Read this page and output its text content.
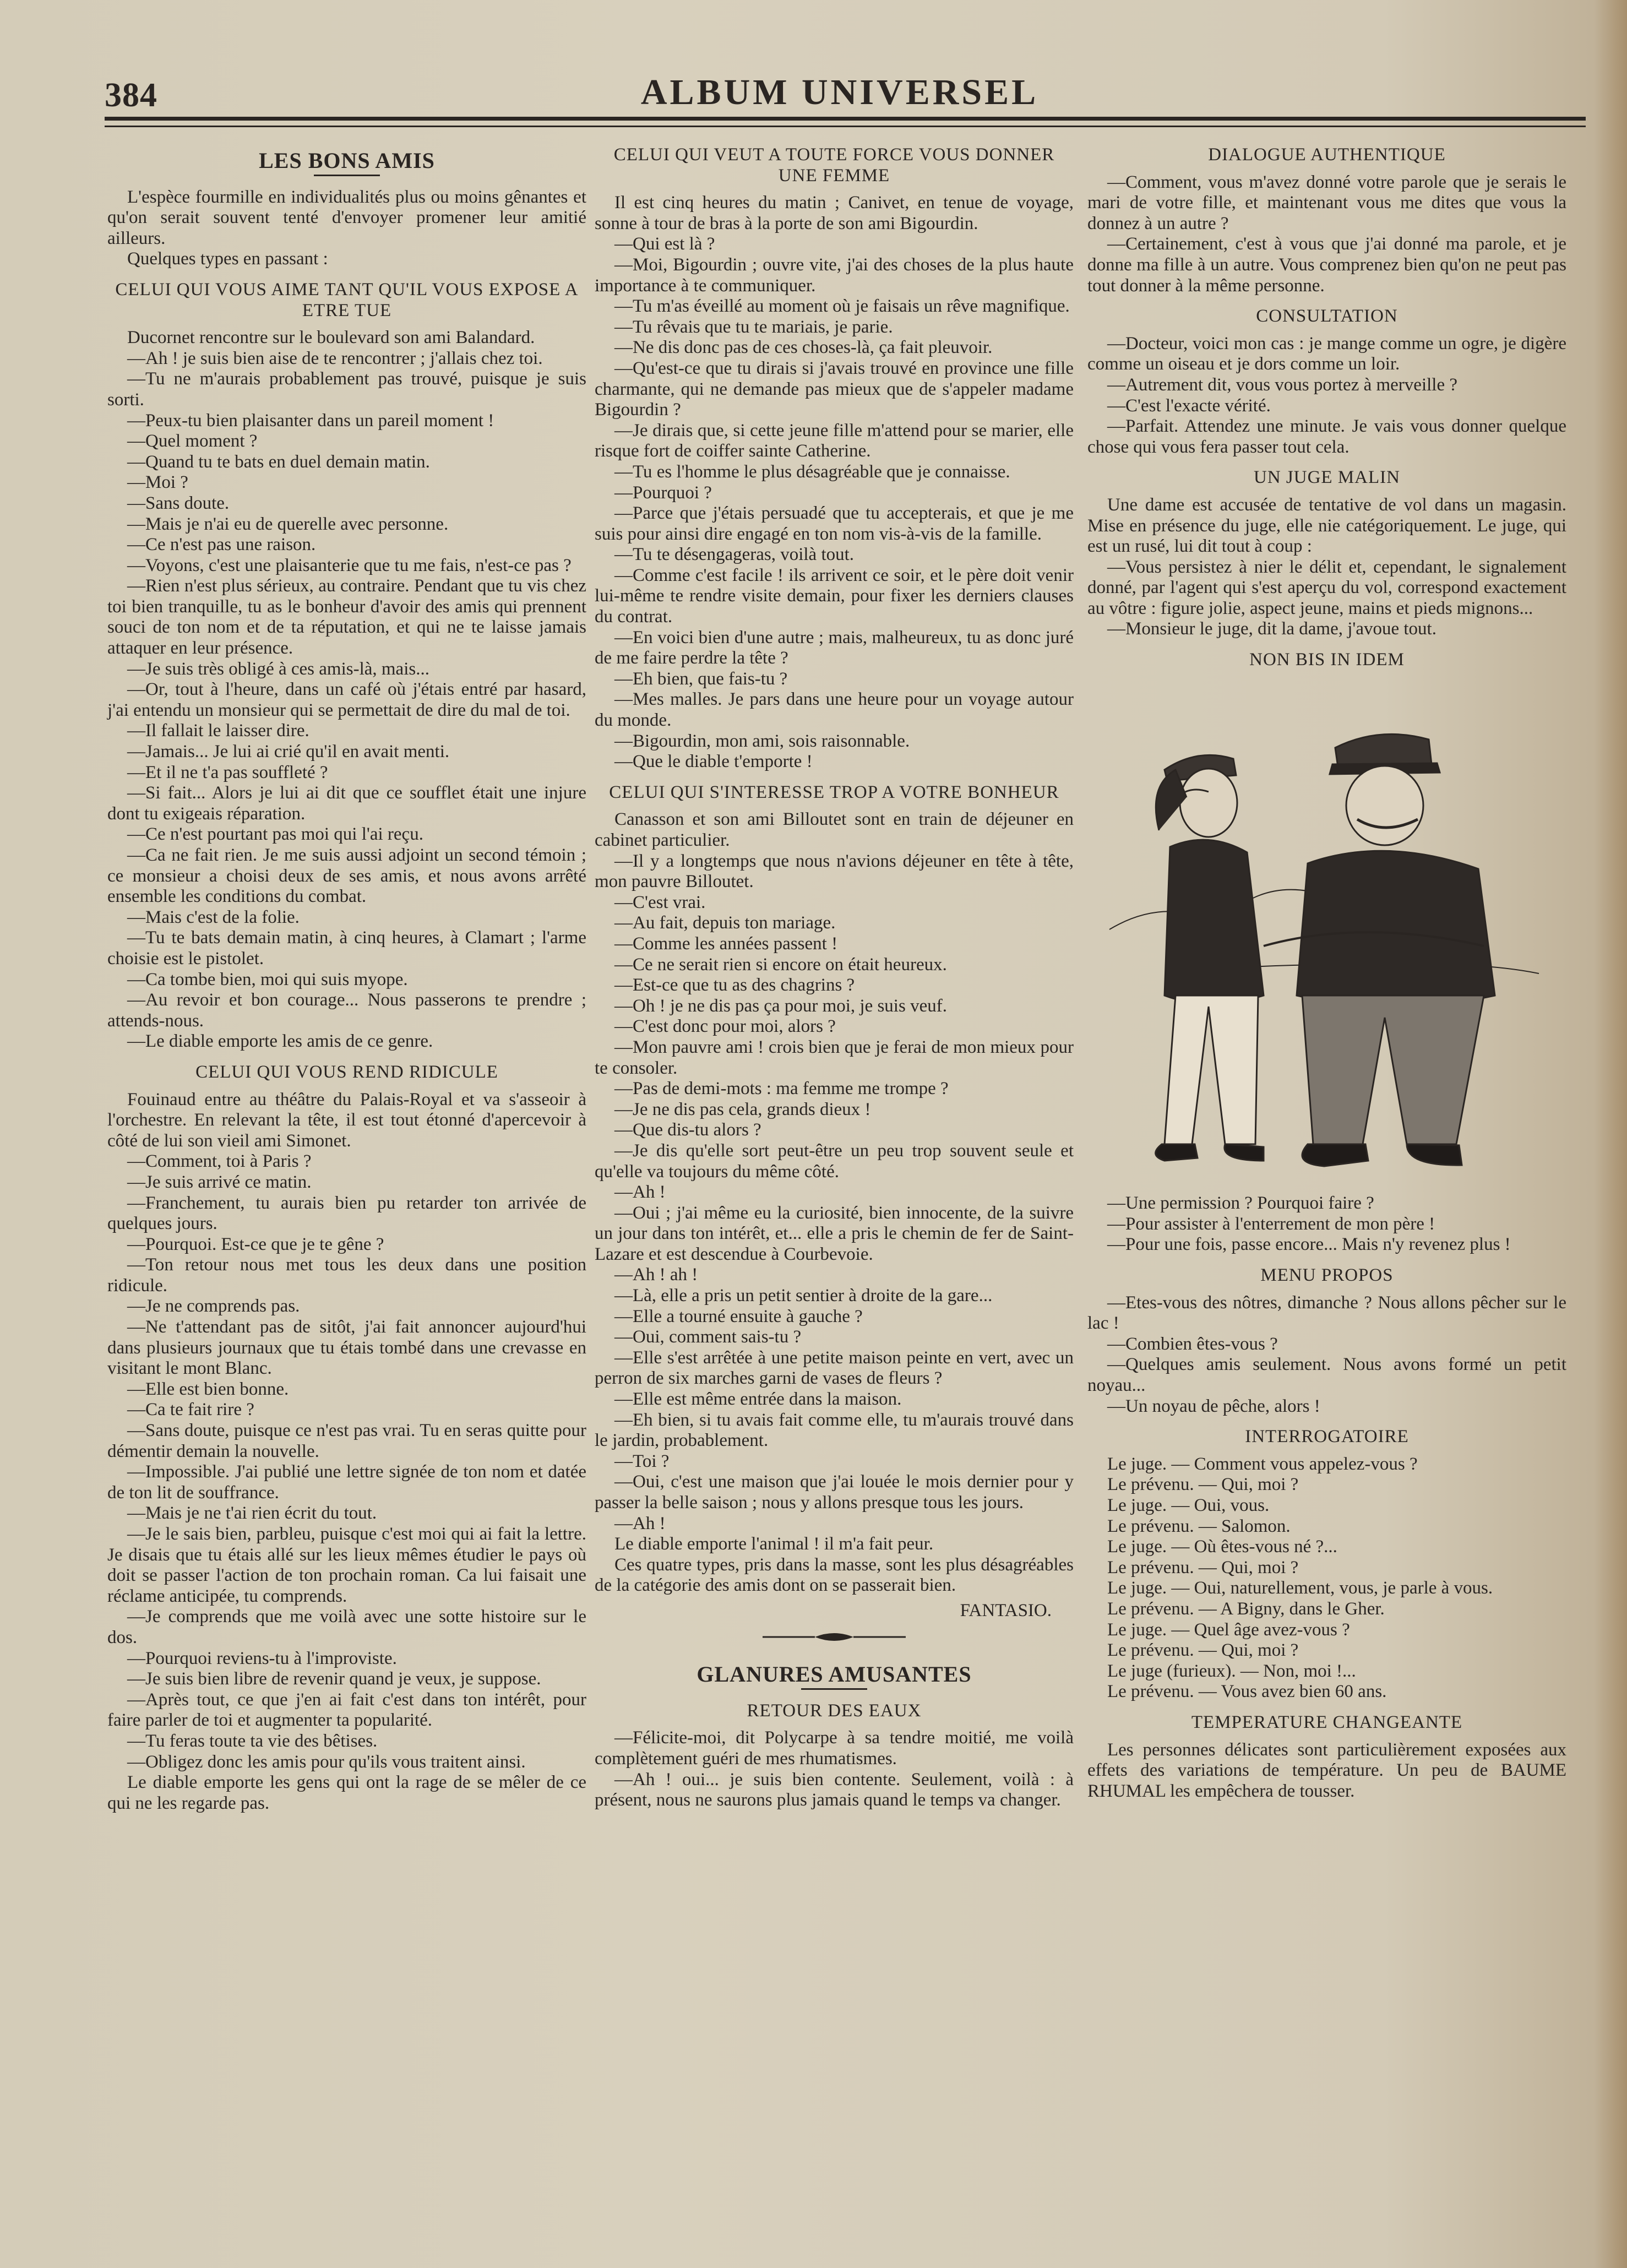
384	ALBUM UNIVERSEL
LES BONS AMIS

L'espèce fourmille en individualités plus ou moins gênantes et qu'on serait souvent tenté d'envoyer promener leur amitié ailleurs.

Quelques types en passant :

CELUI QUI VOUS AIME TANT QU'IL VOUS EXPOSE A ETRE TUE

Ducornet rencontre sur le boulevard son ami Balandard.

—Ah ! je suis bien aise de te rencontrer ; j'allais chez toi.

—Tu ne m'aurais probablement pas trouvé, puisque je suis sorti.

—Peux-tu bien plaisanter dans un pareil moment !

—Quel moment ?

—Quand tu te bats en duel demain matin.

—Moi ?

—Sans doute.

—Mais je n'ai eu de querelle avec personne.

—Ce n'est pas une raison.

—Voyons, c'est une plaisanterie que tu me fais, n'est-ce pas ?

—Rien n'est plus sérieux, au contraire. Pendant que tu vis chez toi bien tranquille, tu as le bonheur d'avoir des amis qui prennent souci de ton nom et de ta réputation, et qui ne te laisse jamais attaquer en leur présence.

—Je suis très obligé à ces amis-là, mais...

—Or, tout à l'heure, dans un café où j'étais entré par hasard, j'ai entendu un monsieur qui se permettait de dire du mal de toi.

—Il fallait le laisser dire.

—Jamais... Je lui ai crié qu'il en avait menti.

—Et il ne t'a pas souffleté ?

—Si fait... Alors je lui ai dit que ce soufflet était une injure dont tu exigeais réparation.

—Ce n'est pourtant pas moi qui l'ai reçu.

—Ca ne fait rien. Je me suis aussi adjoint un second témoin ; ce monsieur a choisi deux de ses amis, et nous avons arrêté ensemble les conditions du combat.

—Mais c'est de la folie.

—Tu te bats demain matin, à cinq heures, à Clamart ; l'arme choisie est le pistolet.

—Ca tombe bien, moi qui suis myope.

—Au revoir et bon courage... Nous passerons te prendre ; attends-nous.

—Le diable emporte les amis de ce genre.

CELUI QUI VOUS REND RIDICULE

Fouinaud entre au théâtre du Palais-Royal et va s'asseoir à l'orchestre. En relevant la tête, il est tout étonné d'apercevoir à côté de lui son vieil ami Simonet.

—Comment, toi à Paris ?

—Je suis arrivé ce matin.

—Franchement, tu aurais bien pu retarder ton arrivée de quelques jours.

—Pourquoi. Est-ce que je te gêne ?

—Ton retour nous met tous les deux dans une position ridicule.

—Je ne comprends pas.

—Ne t'attendant pas de sitôt, j'ai fait annoncer aujourd'hui dans plusieurs journaux que tu étais tombé dans une crevasse en visitant le mont Blanc.

—Elle est bien bonne.

—Ca te fait rire ?

—Sans doute, puisque ce n'est pas vrai. Tu en seras quitte pour démentir demain la nouvelle.

—Impossible. J'ai publié une lettre signée de ton nom et datée de ton lit de souffrance.

—Mais je ne t'ai rien écrit du tout.

—Je le sais bien, parbleu, puisque c'est moi qui ai fait la lettre. Je disais que tu étais allé sur les lieux mêmes étudier le pays où doit se passer l'action de ton prochain roman. Ca lui faisait une réclame anticipée, tu comprends.

—Je comprends que me voilà avec une sotte histoire sur le dos.

—Pourquoi reviens-tu à l'improviste.

—Je suis bien libre de revenir quand je veux, je suppose.

—Après tout, ce que j'en ai fait c'est dans ton intérêt, pour faire parler de toi et augmenter ta popularité.

—Tu feras toute ta vie des bêtises.

—Obligez donc les amis pour qu'ils vous traitent ainsi.

Le diable emporte les gens qui ont la rage de se mêler de ce qui ne les regarde pas.

CELUI QUI VEUT A TOUTE FORCE VOUS DONNER UNE FEMME

Il est cinq heures du matin ; Canivet, en tenue de voyage, sonne à tour de bras à la porte de son ami Bigourdin.

—Qui est là ?

—Moi, Bigourdin ; ouvre vite, j'ai des choses de la plus haute importance à te communiquer.

—Tu m'as éveillé au moment où je faisais un rêve magnifique.

—Tu rêvais que tu te mariais, je parie.

—Ne dis donc pas de ces choses-là, ça fait pleuvoir.

—Qu'est-ce que tu dirais si j'avais trouvé en province une fille charmante, qui ne demande pas mieux que de s'appeler madame Bigourdin ?

—Je dirais que, si cette jeune fille m'attend pour se marier, elle risque fort de coiffer sainte Catherine.

—Tu es l'homme le plus désagréable que je connaisse.

—Pourquoi ?

—Parce que j'étais persuadé que tu accepterais, et que je me suis pour ainsi dire engagé en ton nom vis-à-vis de la famille.

—Tu te désengageras, voilà tout.

—Comme c'est facile ! ils arrivent ce soir, et le père doit venir lui-même te rendre visite demain, pour fixer les derniers clauses du contrat.

—En voici bien d'une autre ; mais, malheureux, tu as donc juré de me faire perdre la tête ?

—Eh bien, que fais-tu ?

—Mes malles. Je pars dans une heure pour un voyage autour du monde.

—Bigourdin, mon ami, sois raisonnable.

—Que le diable t'emporte !

CELUI QUI S'INTERESSE TROP A VOTRE BONHEUR

Canasson et son ami Billoutet sont en train de déjeuner en cabinet particulier.

—Il y a longtemps que nous n'avions déjeuner en tête à tête, mon pauvre Billoutet.

—C'est vrai.

—Au fait, depuis ton mariage.

—Comme les années passent !

—Ce ne serait rien si encore on était heureux.

—Est-ce que tu as des chagrins ?

—Oh ! je ne dis pas ça pour moi, je suis veuf.

—C'est donc pour moi, alors ?

—Mon pauvre ami ! crois bien que je ferai de mon mieux pour te consoler.

—Pas de demi-mots : ma femme me trompe ?

—Je ne dis pas cela, grands dieux !

—Que dis-tu alors ?

—Je dis qu'elle sort peut-être un peu trop souvent seule et qu'elle va toujours du même côté.

—Ah !

—Oui ; j'ai même eu la curiosité, bien innocente, de la suivre un jour dans ton intérêt, et... elle a pris le chemin de fer de Saint-Lazare et est descendue à Courbevoie.

—Ah ! ah !

—Là, elle a pris un petit sentier à droite de la gare...

—Elle a tourné ensuite à gauche ?

—Oui, comment sais-tu ?

—Elle s'est arrêtée à une petite maison peinte en vert, avec un perron de six marches garni de vases de fleurs ?

—Elle est même entrée dans la maison.

—Eh bien, si tu avais fait comme elle, tu m'aurais trouvé dans le jardin, probablement.

—Toi ?

—Oui, c'est une maison que j'ai louée le mois dernier pour y passer la belle saison ; nous y allons presque tous les jours.

—Ah !

Le diable emporte l'animal ! il m'a fait peur.

Ces quatre types, pris dans la masse, sont les plus désagréables de la catégorie des amis dont on se passerait bien.

FANTASIO.
GLANURES AMUSANTES
RETOUR DES EAUX

—Félicite-moi, dit Polycarpe à sa tendre moitié, me voilà complètement guéri de mes rhumatismes.

—Ah ! oui... je suis bien contente. Seulement, voilà : à présent, nous ne saurons plus jamais quand le temps va changer.

DIALOGUE AUTHENTIQUE

—Comment, vous m'avez donné votre parole que je serais le mari de votre fille, et maintenant vous me dites que vous la donnez à un autre ?

—Certainement, c'est à vous que j'ai donné ma parole, et je donne ma fille à un autre. Vous comprenez bien qu'on ne peut pas tout donner à la même personne.

CONSULTATION

—Docteur, voici mon cas : je mange comme un ogre, je digère comme un oiseau et je dors comme un loir.

—Autrement dit, vous vous portez à merveille ?

—C'est l'exacte vérité.

—Parfait. Attendez une minute. Je vais vous donner quelque chose qui vous fera passer tout cela.

UN JUGE MALIN

Une dame est accusée de tentative de vol dans un magasin. Mise en présence du juge, elle nie catégoriquement. Le juge, qui est un rusé, lui dit tout à coup :

—Vous persistez à nier le délit et, cependant, le signalement donné, par l'agent qui s'est aperçu du vol, correspond exactement au vôtre : figure jolie, aspect jeune, mains et pieds mignons...

—Monsieur le juge, dit la dame, j'avoue tout.

NON BIS IN IDEM

—Une permission ? Pourquoi faire ?

—Pour assister à l'enterrement de mon père !

—Pour une fois, passe encore... Mais n'y revenez plus !

MENU PROPOS

—Etes-vous des nôtres, dimanche ? Nous allons pêcher sur le lac !

—Combien êtes-vous ?

—Quelques amis seulement. Nous avons formé un petit noyau...

—Un noyau de pêche, alors !

INTERROGATOIRE

Le juge. — Comment vous appelez-vous ?

Le prévenu. — Qui, moi ?

Le juge. — Oui, vous.

Le prévenu. — Salomon.

Le juge. — Où êtes-vous né ?...

Le prévenu. — Qui, moi ?

Le juge. — Oui, naturellement, vous, je parle à vous.

Le prévenu. — A Bigny, dans le Gher.

Le juge. — Quel âge avez-vous ?

Le prévenu. — Qui, moi ?

Le juge (furieux). — Non, moi !...

Le prévenu. — Vous avez bien 60 ans.

TEMPERATURE CHANGEANTE

Les personnes délicates sont particulièrement exposées aux effets des variations de température. Un peu de BAUME RHUMAL les empêchera de tousser.
